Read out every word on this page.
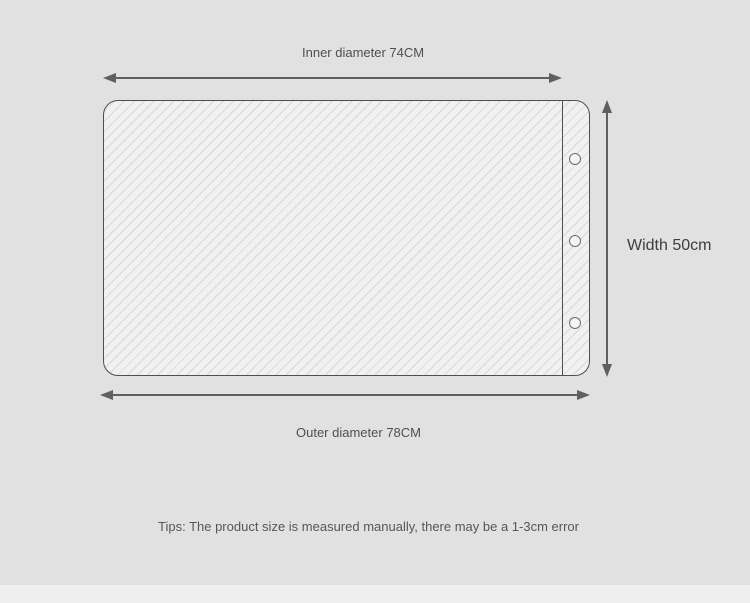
Inner diameter 74CM
Width 50cm
Outer diameter 78CM
Tips: The product size is measured manually, there may be a 1-3cm error
